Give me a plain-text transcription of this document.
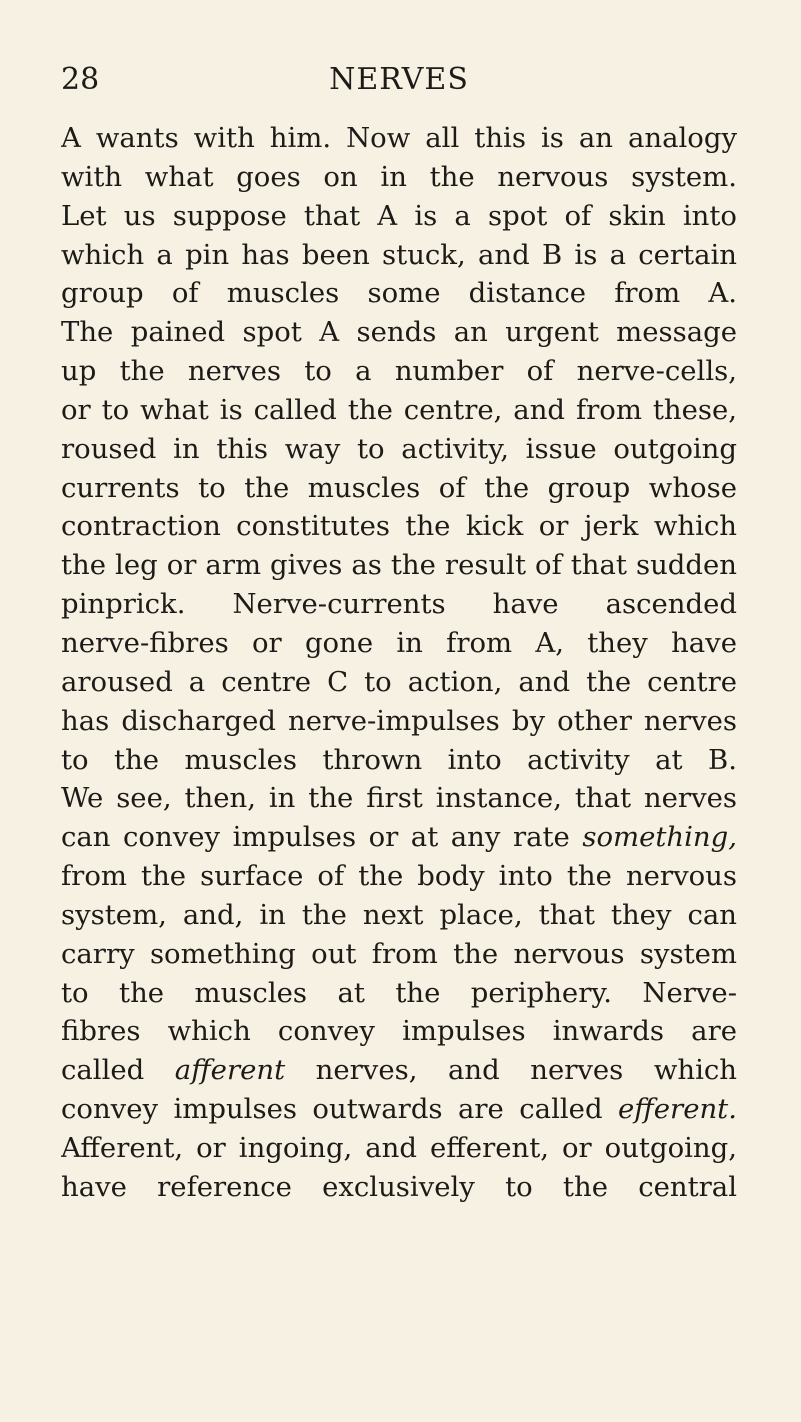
28	NERVES
A wants with him. Now all this is an analogy
with what goes on in the nervous system.
Let us suppose that A is a spot of skin into
which a pin has been stuck, and B is a certain
group of muscles some distance from A.
The pained spot A sends an urgent message
up the nerves to a number of nerve-cells,
or to what is called the centre, and from these,
roused in this way to activity, issue outgoing
currents to the muscles of the group whose
contraction constitutes the kick or jerk which
the leg or arm gives as the result of that sudden
pinprick. Nerve-currents have ascended
nerve-fibres or gone in from A, they have
aroused a centre C to action, and the centre
has discharged nerve-impulses by other nerves
to the muscles thrown into activity at B.
We see, then, in the first instance, that nerves
can convey impulses or at any rate something,
from the surface of the body into the nervous
system, and, in the next place, that they can
carry something out from the nervous system
to the muscles at the periphery. Nerve-
fibres which convey impulses inwards are
called afferent nerves, and nerves which
convey impulses outwards are called efferent.
Afferent, or ingoing, and efferent, or outgoing,
have reference exclusively to the central
